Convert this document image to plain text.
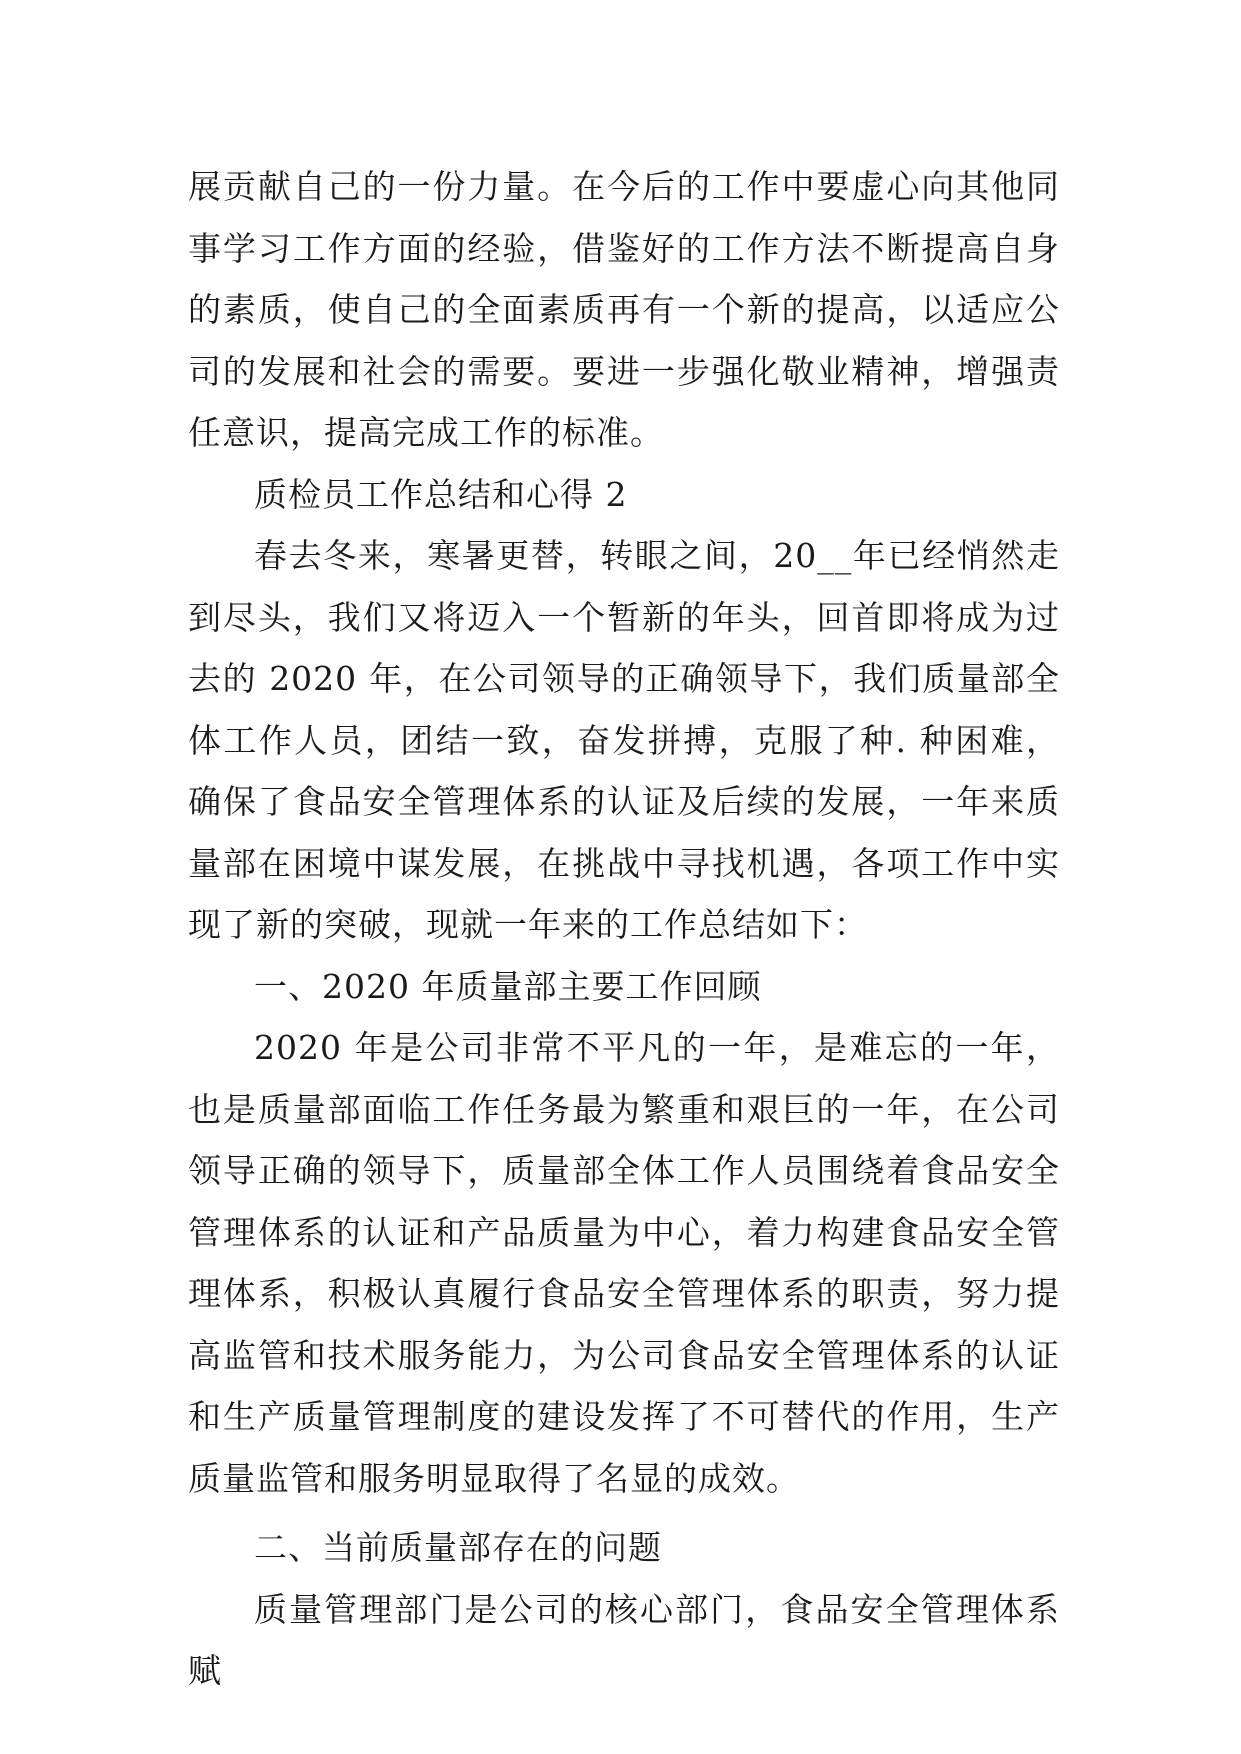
展贡献自己的一份力量。在今后的工作中要虚心向其他同事学习工作方面的经验，借鉴好的工作方法不断提高自身的素质，使自己的全面素质再有一个新的提高，以适应公司的发展和社会的需要。要进一步强化敬业精神，增强责任意识，提高完成工作的标准。

质检员工作总结和心得 2

春去冬来，寒暑更替，转眼之间，20__年已经悄然走到尽头，我们又将迈入一个暂新的年头，回首即将成为过去的 2020 年，在公司领导的正确领导下，我们质量部全体工作人员，团结一致，奋发拼搏，克服了种. 种困难，确保了食品安全管理体系的认证及后续的发展，一年来质量部在困境中谋发展，在挑战中寻找机遇，各项工作中实现了新的突破，现就一年来的工作总结如下：

一、2020 年质量部主要工作回顾

2020 年是公司非常不平凡的一年，是难忘的一年，也是质量部面临工作任务最为繁重和艰巨的一年，在公司领导正确的领导下，质量部全体工作人员围绕着食品安全管理体系的认证和产品质量为中心，着力构建食品安全管理体系，积极认真履行食品安全管理体系的职责，努力提高监管和技术服务能力，为公司食品安全管理体系的认证和生产质量管理制度的建设发挥了不可替代的作用，生产质量监管和服务明显取得了名显的成效。

二、当前质量部存在的问题

质量管理部门是公司的核心部门，食品安全管理体系赋
